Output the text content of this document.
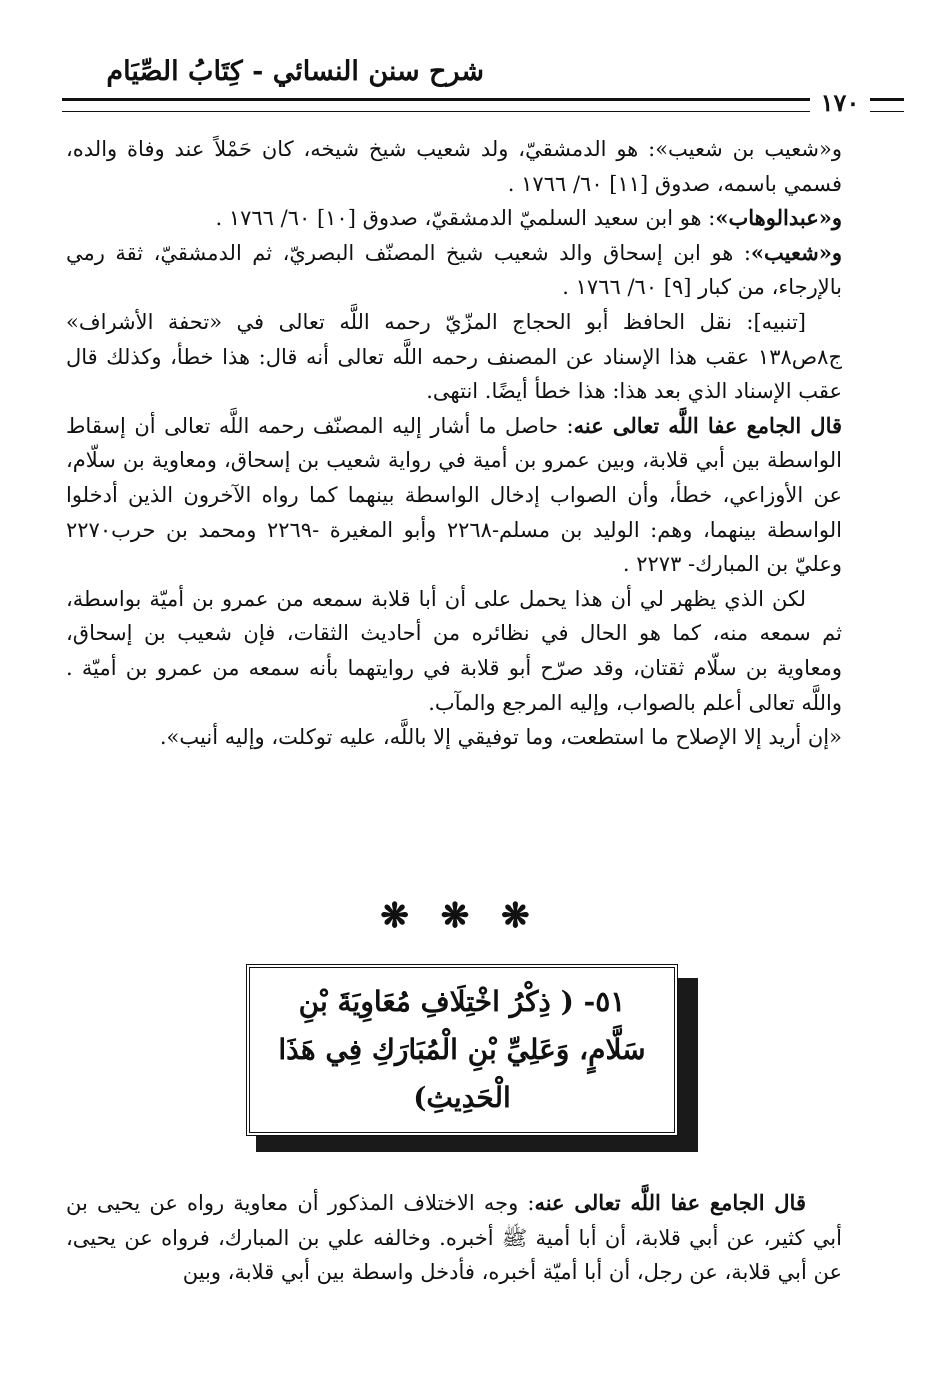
شرح سنن النسائي - كِتَابُ الصِّيَام
١٧٠

و«شعيب بن شعيب»: هو الدمشقيّ، ولد شعيب شيخ شيخه، كان حَمْلاً عند وفاة والده، فسمي باسمه، صدوق [١١] ٦٠/ ١٧٦٦ .

و«عبدالوهاب»: هو ابن سعيد السلميّ الدمشقيّ، صدوق [١٠] ٦٠/ ١٧٦٦ .

و«شعيب»: هو ابن إسحاق والد شعيب شيخ المصنّف البصريّ، ثم الدمشقيّ، ثقة رمي بالإرجاء، من كبار [٩] ٦٠/ ١٧٦٦ .

[تنبيه]: نقل الحافظ أبو الحجاج المزّيّ رحمه اللَّه تعالى في «تحفة الأشراف» ج٨ص١٣٨ عقب هذا الإسناد عن المصنف رحمه اللَّه تعالى أنه قال: هذا خطأ، وكذلك قال عقب الإسناد الذي بعد هذا: هذا خطأ أيضًا. انتهى.

قال الجامع عفا اللَّه تعالى عنه: حاصل ما أشار إليه المصنّف رحمه اللَّه تعالى أن إسقاط الواسطة بين أبي قلابة، وبين عمرو بن أمية في رواية شعيب بن إسحاق، ومعاوية بن سلّام، عن الأوزاعي، خطأ، وأن الصواب إدخال الواسطة بينهما كما رواه الآخرون الذين أدخلوا الواسطة بينهما، وهم: الوليد بن مسلم-٢٢٦٨ وأبو المغيرة -٢٢٦٩ ومحمد بن حرب٢٢٧٠ وعليّ بن المبارك- ٢٢٧٣ .

لكن الذي يظهر لي أن هذا يحمل على أن أبا قلابة سمعه من عمرو بن أميّة بواسطة، ثم سمعه منه، كما هو الحال في نظائره من أحاديث الثقات، فإن شعيب بن إسحاق، ومعاوية بن سلّام ثقتان، وقد صرّح أبو قلابة في روايتهما بأنه سمعه من عمرو بن أميّة . واللَّه تعالى أعلم بالصواب، وإليه المرجع والمآب.

«إن أريد إلا الإصلاح ما استطعت، وما توفيقي إلا باللَّه، عليه توكلت، وإليه أنيب».

❋ ❋ ❋
٥١- ( ذِكْرُ اخْتِلَافِ مُعَاوِيَةَ بْنِ سَلَّامٍ، وَعَلِيِّ بْنِ الْمُبَارَكِ فِي هَذَا الْحَدِيثِ)

قال الجامع عفا اللَّه تعالى عنه: وجه الاختلاف المذكور أن معاوية رواه عن يحيى بن أبي كثير، عن أبي قلابة، أن أبا أمية ﷺ أخبره. وخالفه علي بن المبارك، فرواه عن يحيى، عن أبي قلابة، عن رجل، أن أبا أميّة أخبره، فأدخل واسطة بين أبي قلابة، وبين
